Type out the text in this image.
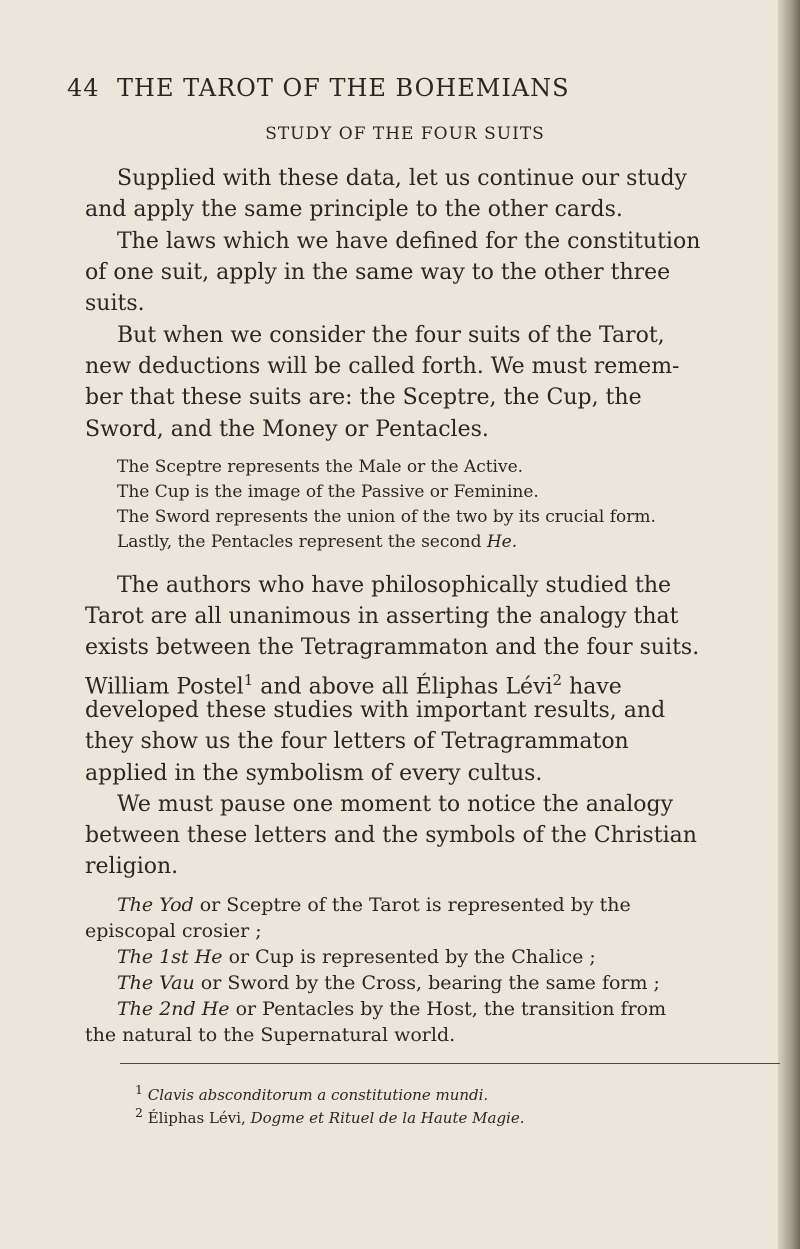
44 THE TAROT OF THE BOHEMIANS
STUDY OF THE FOUR SUITS
Supplied with these data, let us continue our study
and apply the same principle to the other cards.
The laws which we have defined for the constitution
of one suit, apply in the same way to the other three
suits.
But when we consider the four suits of the Tarot,
new deductions will be called forth. We must remem-
ber that these suits are: the Sceptre, the Cup, the
Sword, and the Money or Pentacles.
The Sceptre represents the Male or the Active.
The Cup is the image of the Passive or Feminine.
The Sword represents the union of the two by its crucial form.
Lastly, the Pentacles represent the second He.
The authors who have philosophically studied the
Tarot are all unanimous in asserting the analogy that
exists between the Tetragrammaton and the four suits.
William Postel$^1$ and above all Éliphas Lévi$^2$ have
developed these studies with important results, and
they show us the four letters of Tetragrammaton
applied in the symbolism of every cultus.
We must pause one moment to notice the analogy
between these letters and the symbols of the Christian
religion.
The Yod or Sceptre of the Tarot is represented by the
episcopal crosier ;
The 1st He or Cup is represented by the Chalice ;
The Vau or Sword by the Cross, bearing the same form ;
The 2nd He or Pentacles by the Host, the transition from
the natural to the Supernatural world.
$^1$ Clavis absconditorum a constitutione mundi.
$^2$ Éliphas Lévi, Dogme et Rituel de la Haute Magie.
